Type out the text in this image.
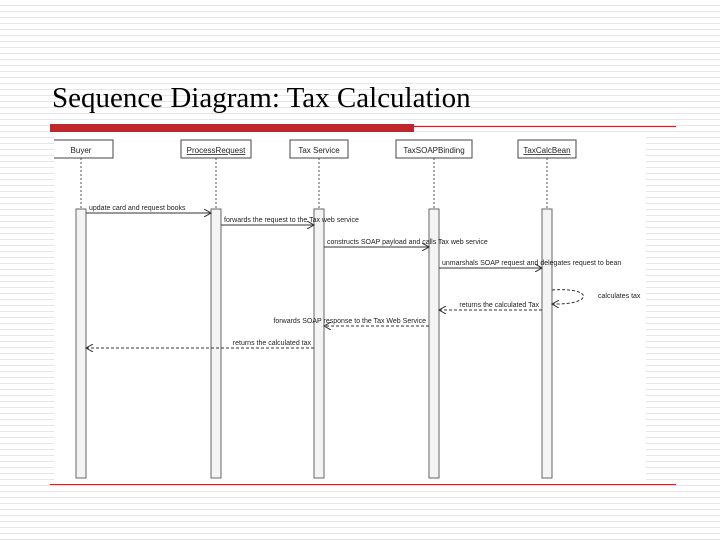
Sequence Diagram: Tax Calculation
Buyer	ProcessRequest	Tax Service	TaxSOAPBinding	TaxCalcBean
update card and request books
forwards the request to the Tax web service
constructs SOAP payload and calls Tax web service
unmarshals SOAP request and delegates request to bean
calculates tax
returns the calculated Tax
forwards SOAP response to the Tax Web Service
returns the calculated tax
